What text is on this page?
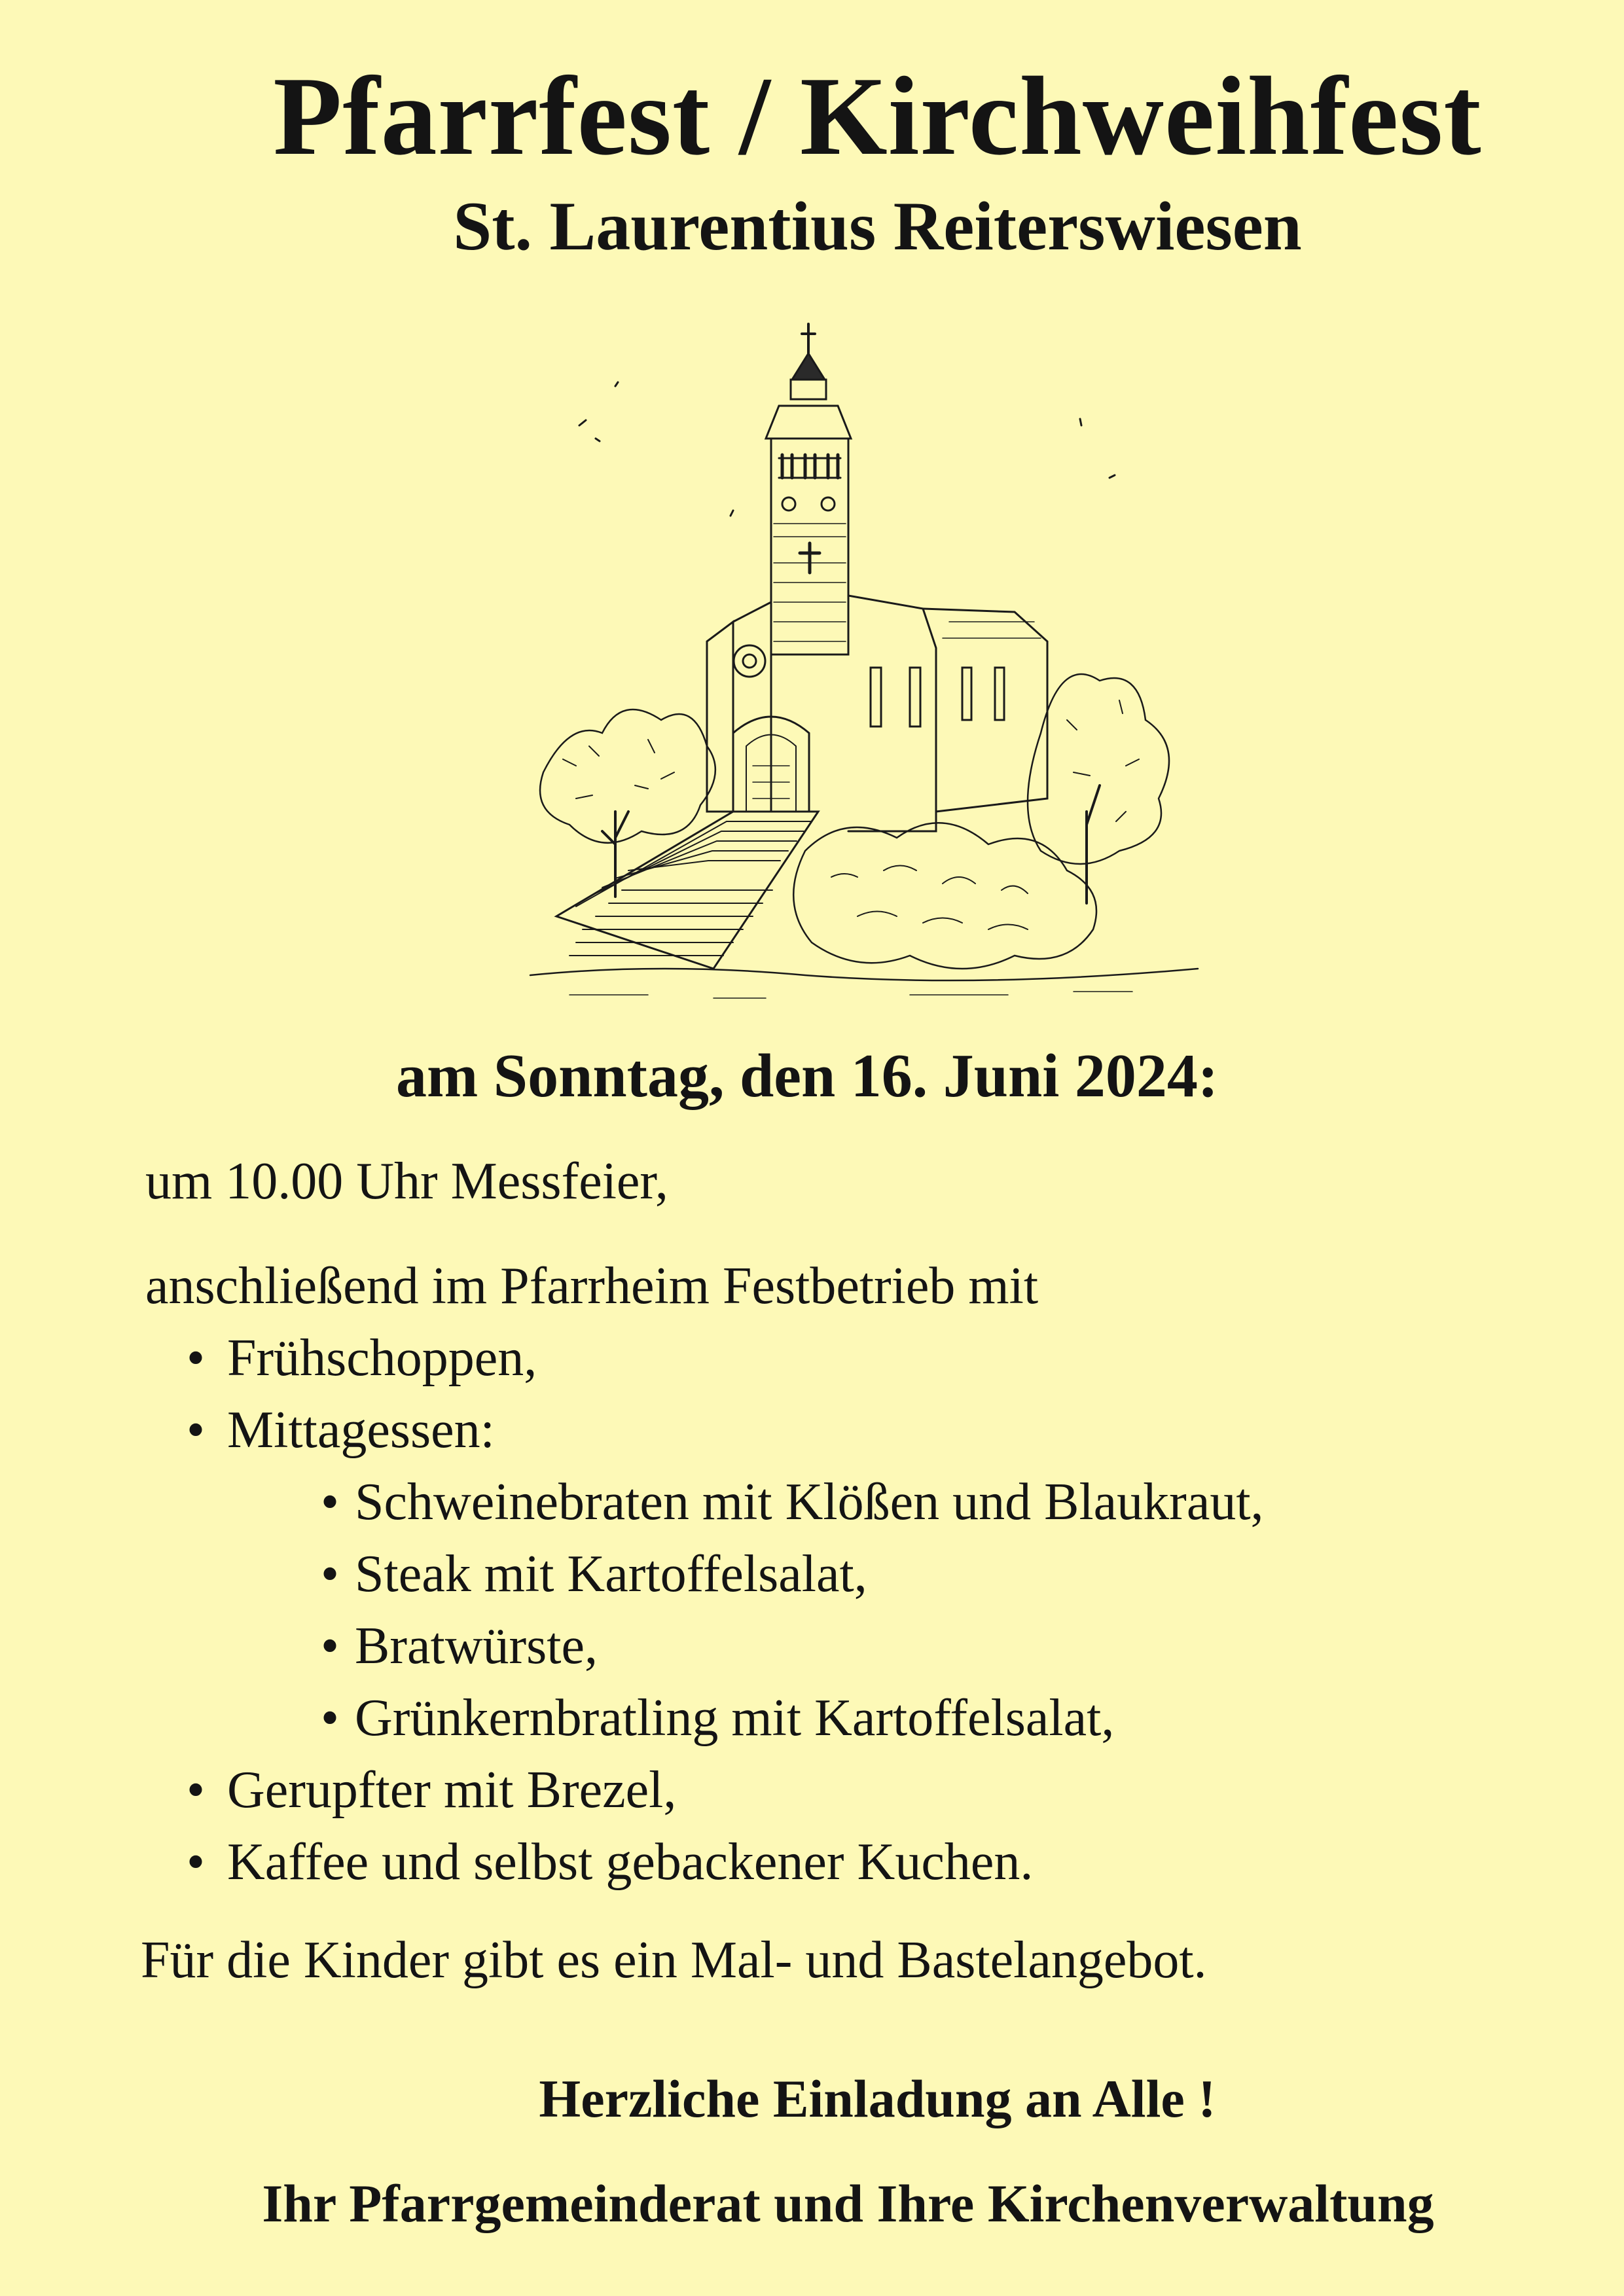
Pfarrfest / Kirchweihfest
St. Laurentius Reiterswiesen
am Sonntag, den 16. Juni 2024:
um 10.00 Uhr Messfeier,
anschließend im Pfarrheim Festbetrieb mit
• Frühschoppen,
• Mittagessen:
• Schweinebraten mit Klößen und Blaukraut,
• Steak mit Kartoffelsalat,
• Bratwürste,
• Grünkernbratling mit Kartoffelsalat,
• Gerupfter mit Brezel,
• Kaffee und selbst gebackener Kuchen.
Für die Kinder gibt es ein Mal- und Bastelangebot.
Herzliche Einladung an Alle !
Ihr Pfarrgemeinderat und Ihre Kirchenverwaltung
